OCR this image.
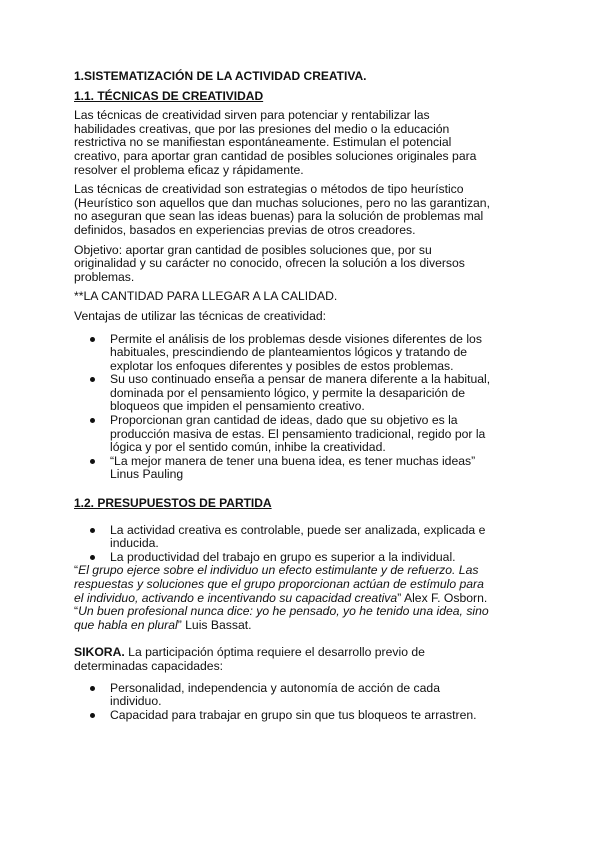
1.SISTEMATIZACIÓN DE LA ACTIVIDAD CREATIVA.
1.1. TÉCNICAS DE CREATIVIDAD

Las técnicas de creatividad sirven para potenciar y rentabilizar las habilidades creativas, que por las presiones del medio o la educación restrictiva no se manifiestan espontáneamente. Estimulan el potencial creativo, para aportar gran cantidad de posibles soluciones originales para resolver el problema eficaz y rápidamente.

Las técnicas de creatividad son estrategias o métodos de tipo heurístico (Heurístico son aquellos que dan muchas soluciones, pero no las garantizan, no aseguran que sean las ideas buenas) para la solución de problemas mal definidos, basados en experiencias previas de otros creadores.

Objetivo: aportar gran cantidad de posibles soluciones que, por su originalidad y su carácter no conocido, ofrecen la solución a los diversos problemas.

**LA CANTIDAD PARA LLEGAR A LA CALIDAD.

Ventajas de utilizar las técnicas de creatividad:

Permite el análisis de los problemas desde visiones diferentes de los habituales, prescindiendo de planteamientos lógicos y tratando de explotar los enfoques diferentes y posibles de estos problemas.
Su uso continuado enseña a pensar de manera diferente a la habitual, dominada por el pensamiento lógico, y permite la desaparición de bloqueos que impiden el pensamiento creativo.
Proporcionan gran cantidad de ideas, dado que su objetivo es la producción masiva de estas. El pensamiento tradicional, regido por la lógica y por el sentido común, inhibe la creatividad.
“La mejor manera de tener una buena idea, es tener muchas ideas” Linus Pauling
1.2. PRESUPUESTOS DE PARTIDA
La actividad creativa es controlable, puede ser analizada, explicada e inducida.
La productividad del trabajo en grupo es superior a la individual.
“El grupo ejerce sobre el individuo un efecto estimulante y de refuerzo. Las respuestas y soluciones que el grupo proporcionan actúan de estímulo para el individuo, activando e incentivando su capacidad creativa” Alex F. Osborn.
“Un buen profesional nunca dice: yo he pensado, yo he tenido una idea, sino que habla en plural” Luis Bassat.

SIKORA. La participación óptima requiere el desarrollo previo de determinadas capacidades:

Personalidad, independencia y autonomía de acción de cada individuo.
Capacidad para trabajar en grupo sin que tus bloqueos te arrastren.
